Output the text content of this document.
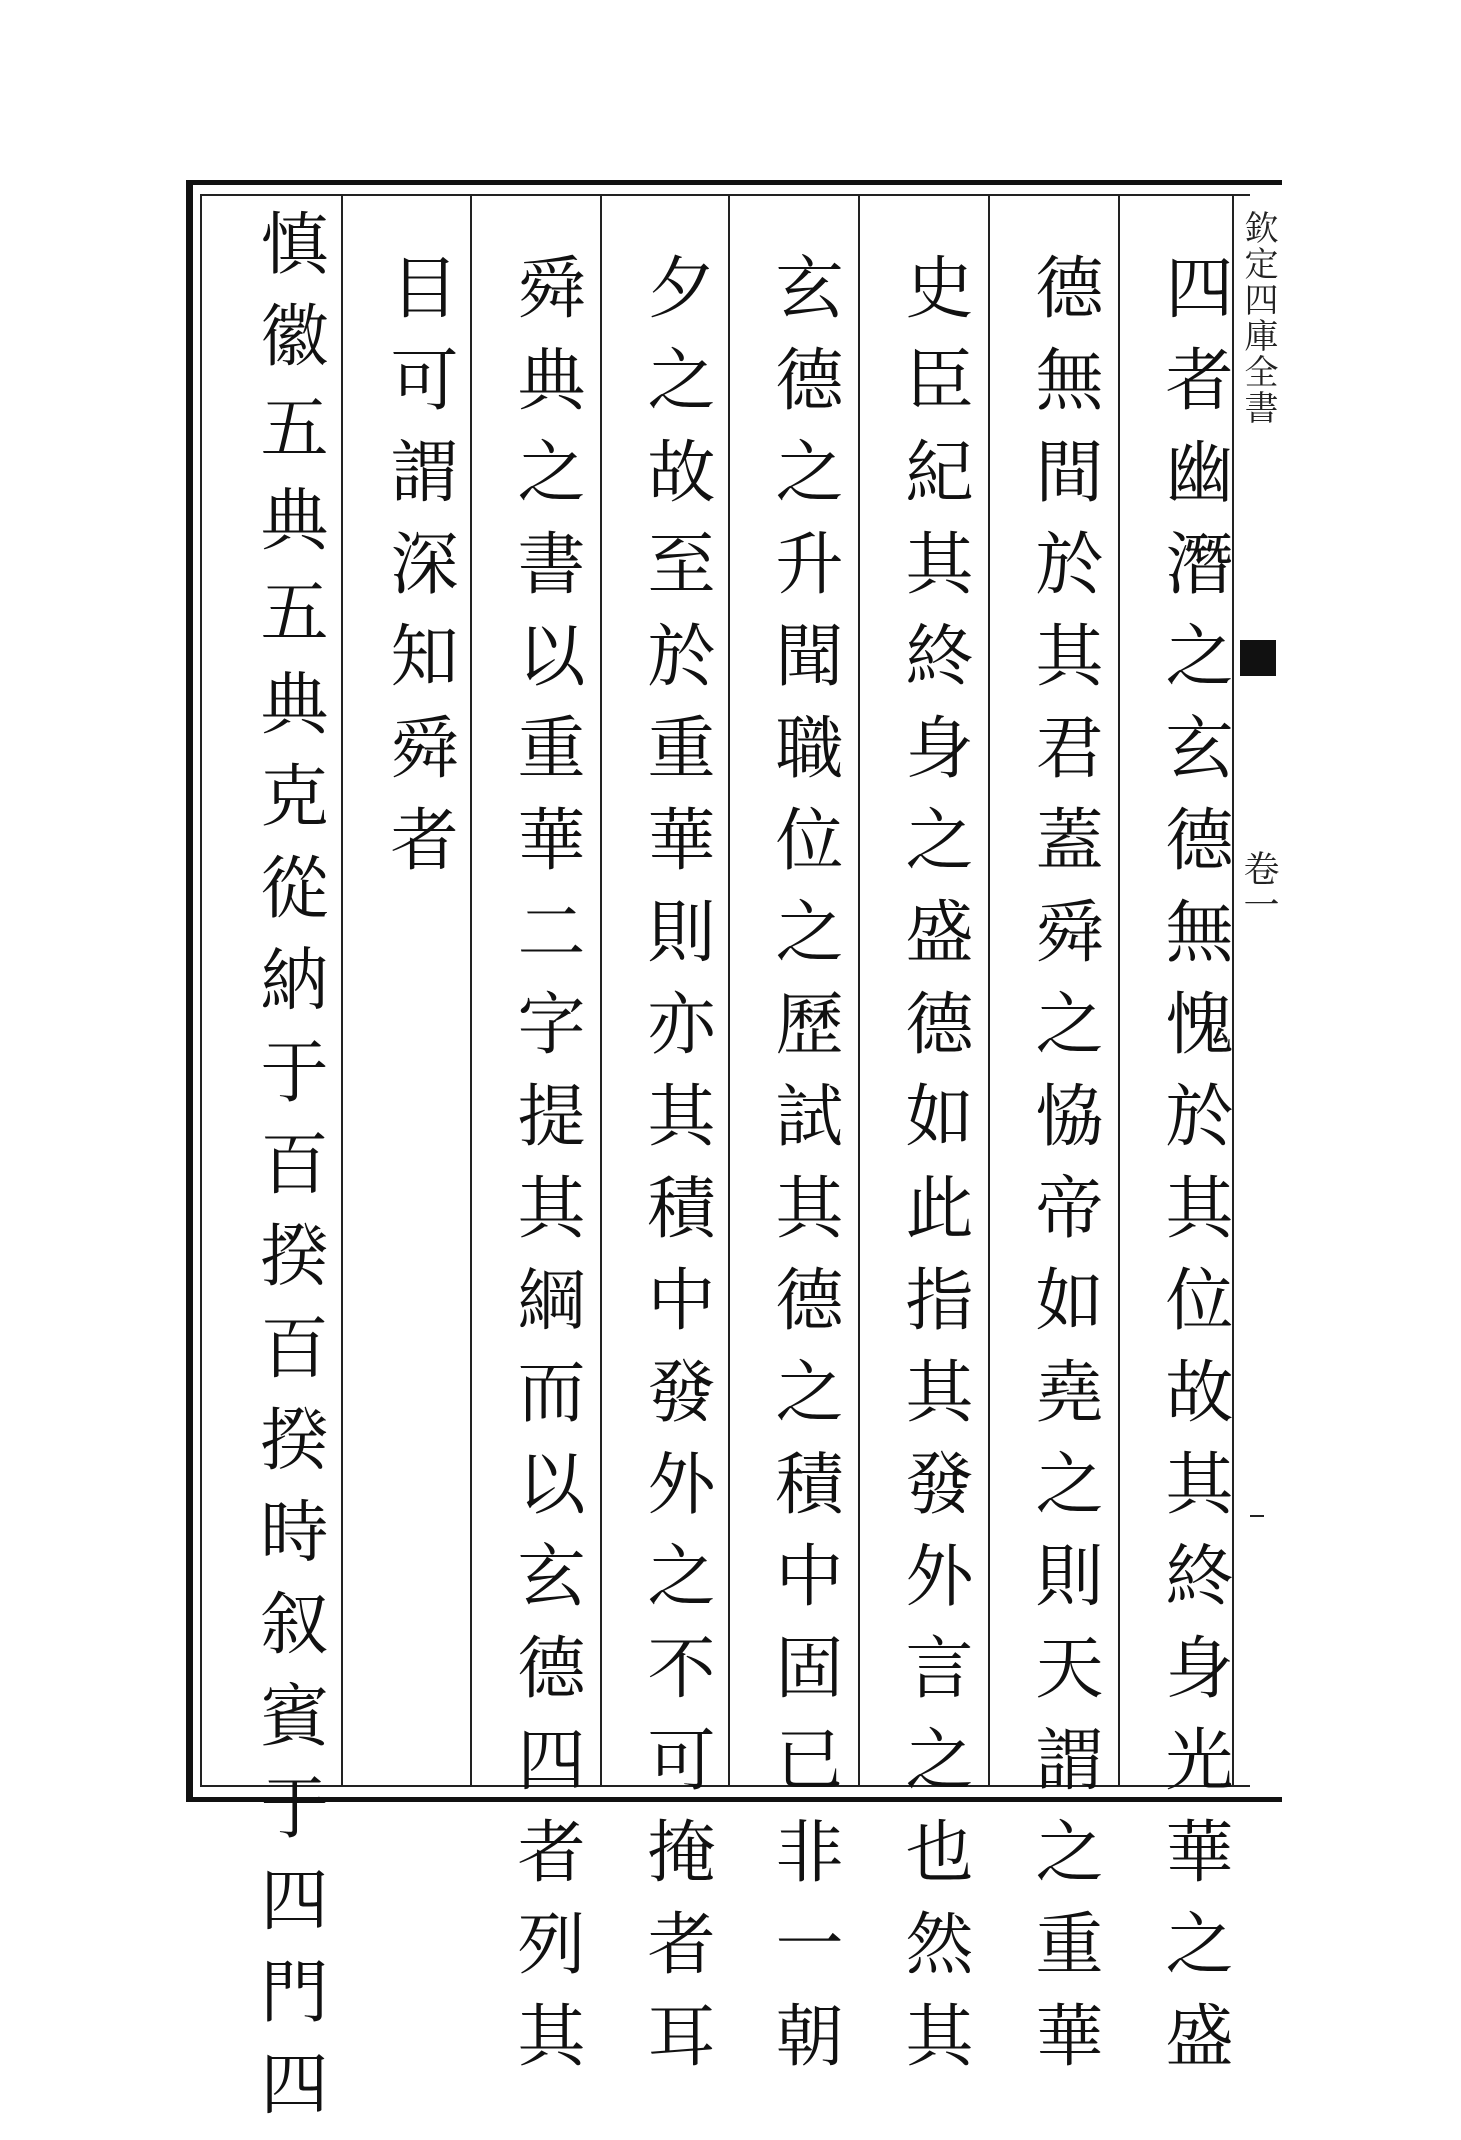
四者幽潛之玄德無愧於其位故其終身光華之盛
德無間於其君蓋舜之恊帝如堯之則天謂之重華
史臣紀其終身之盛德如此指其發外言之也然其
玄德之升聞職位之歷試其德之積中固已非一朝
夕之故至於重華則亦其積中發外之不可掩者耳
舜典之書以重華二字提其綱而以玄德四者列其
目可謂深知舜者
慎徽五典五典克從納于百揆百揆時叙賓于四門四	欽定四庫全書
卷一
